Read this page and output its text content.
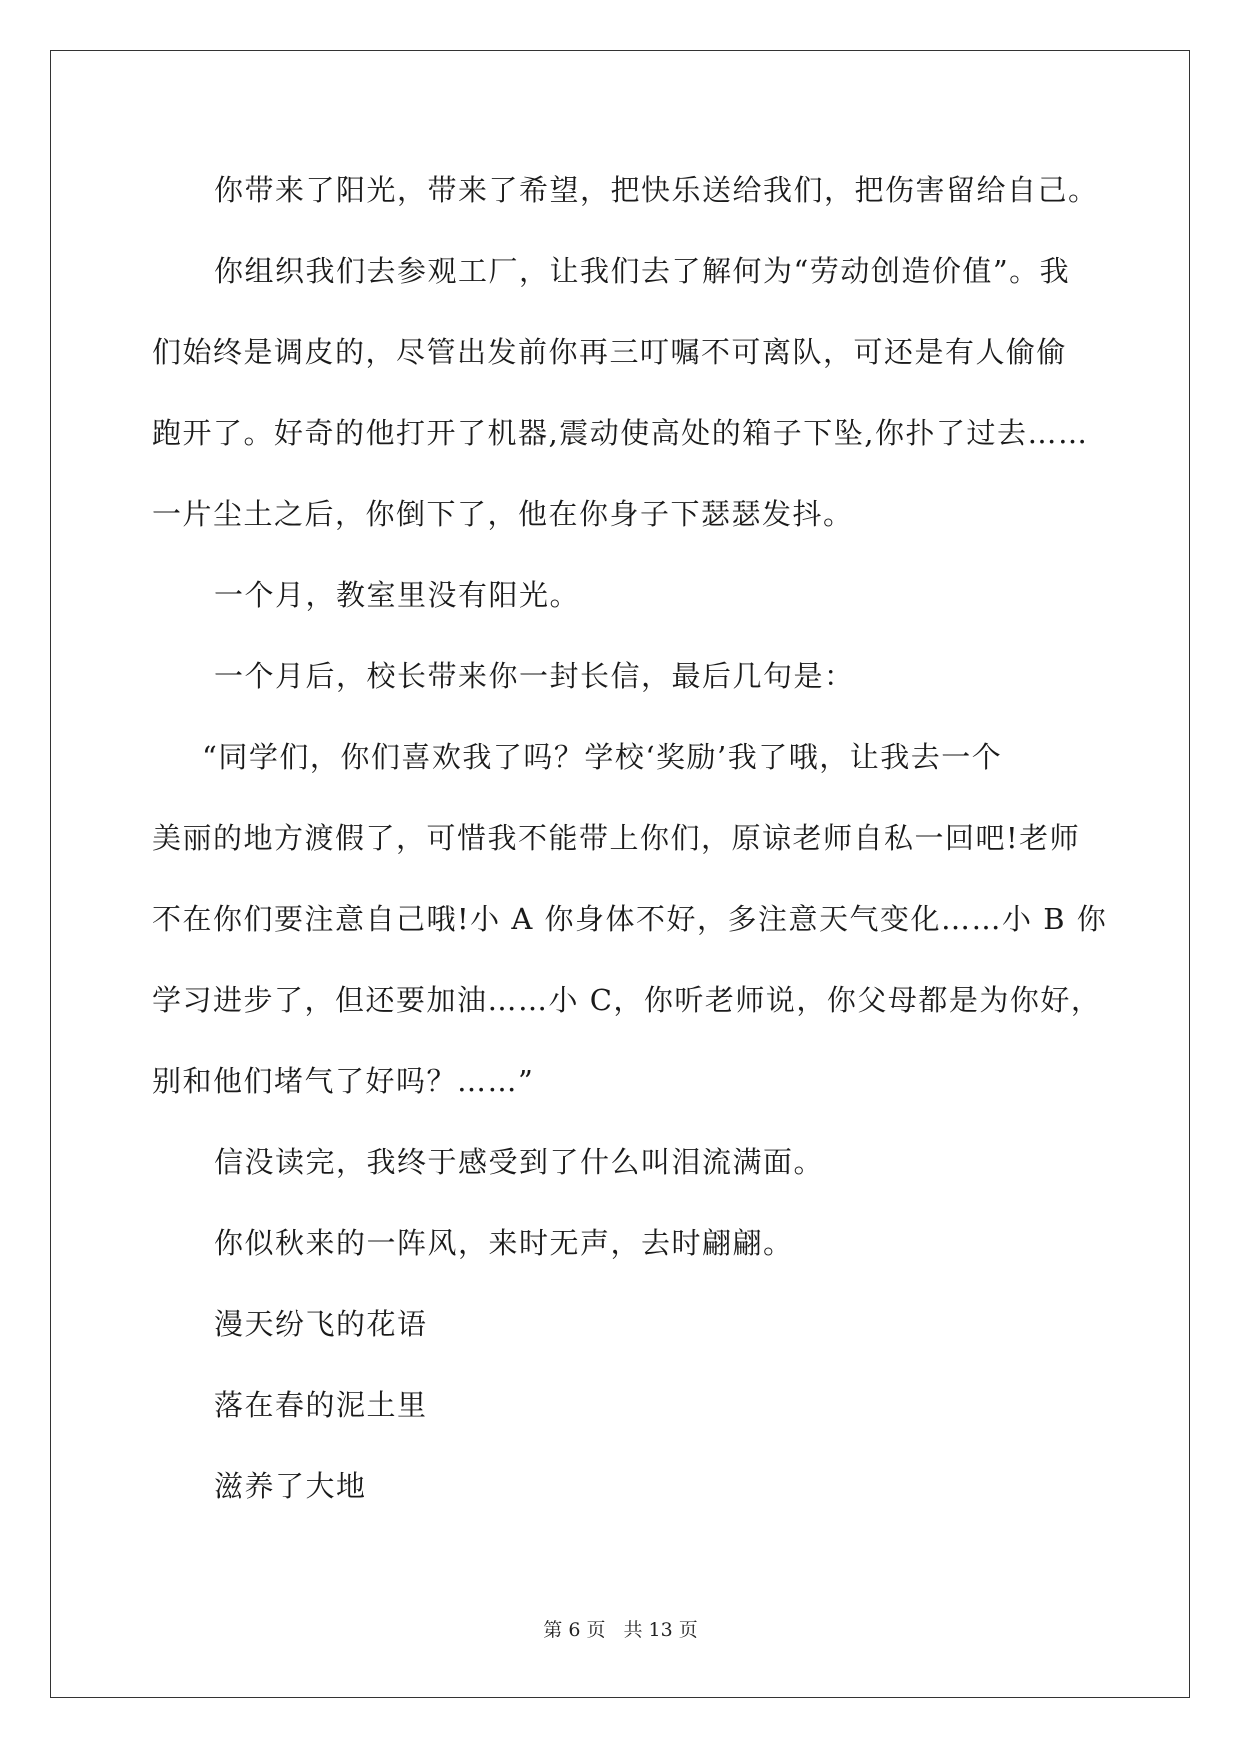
你带来了阳光，带来了希望，把快乐送给我们，把伤害留给自己。
你组织我们去参观工厂，让我们去了解何为“劳动创造价值”。我
们始终是调皮的，尽管出发前你再三叮嘱不可离队，可还是有人偷偷
跑开了。好奇的他打开了机器,震动使高处的箱子下坠,你扑了过去……
一片尘土之后，你倒下了，他在你身子下瑟瑟发抖。
一个月，教室里没有阳光。
一个月后，校长带来你一封长信，最后几句是：
“同学们，你们喜欢我了吗？学校‘奖励’我了哦，让我去一个
美丽的地方渡假了，可惜我不能带上你们，原谅老师自私一回吧!老师
不在你们要注意自己哦!小 A 你身体不好，多注意天气变化……小 B 你
学习进步了，但还要加油……小 C，你听老师说，你父母都是为你好，
别和他们堵气了好吗？……”
信没读完，我终于感受到了什么叫泪流满面。
你似秋来的一阵风，来时无声，去时翩翩。
漫天纷飞的花语
落在春的泥土里
滋养了大地
第 6 页 共 13 页
